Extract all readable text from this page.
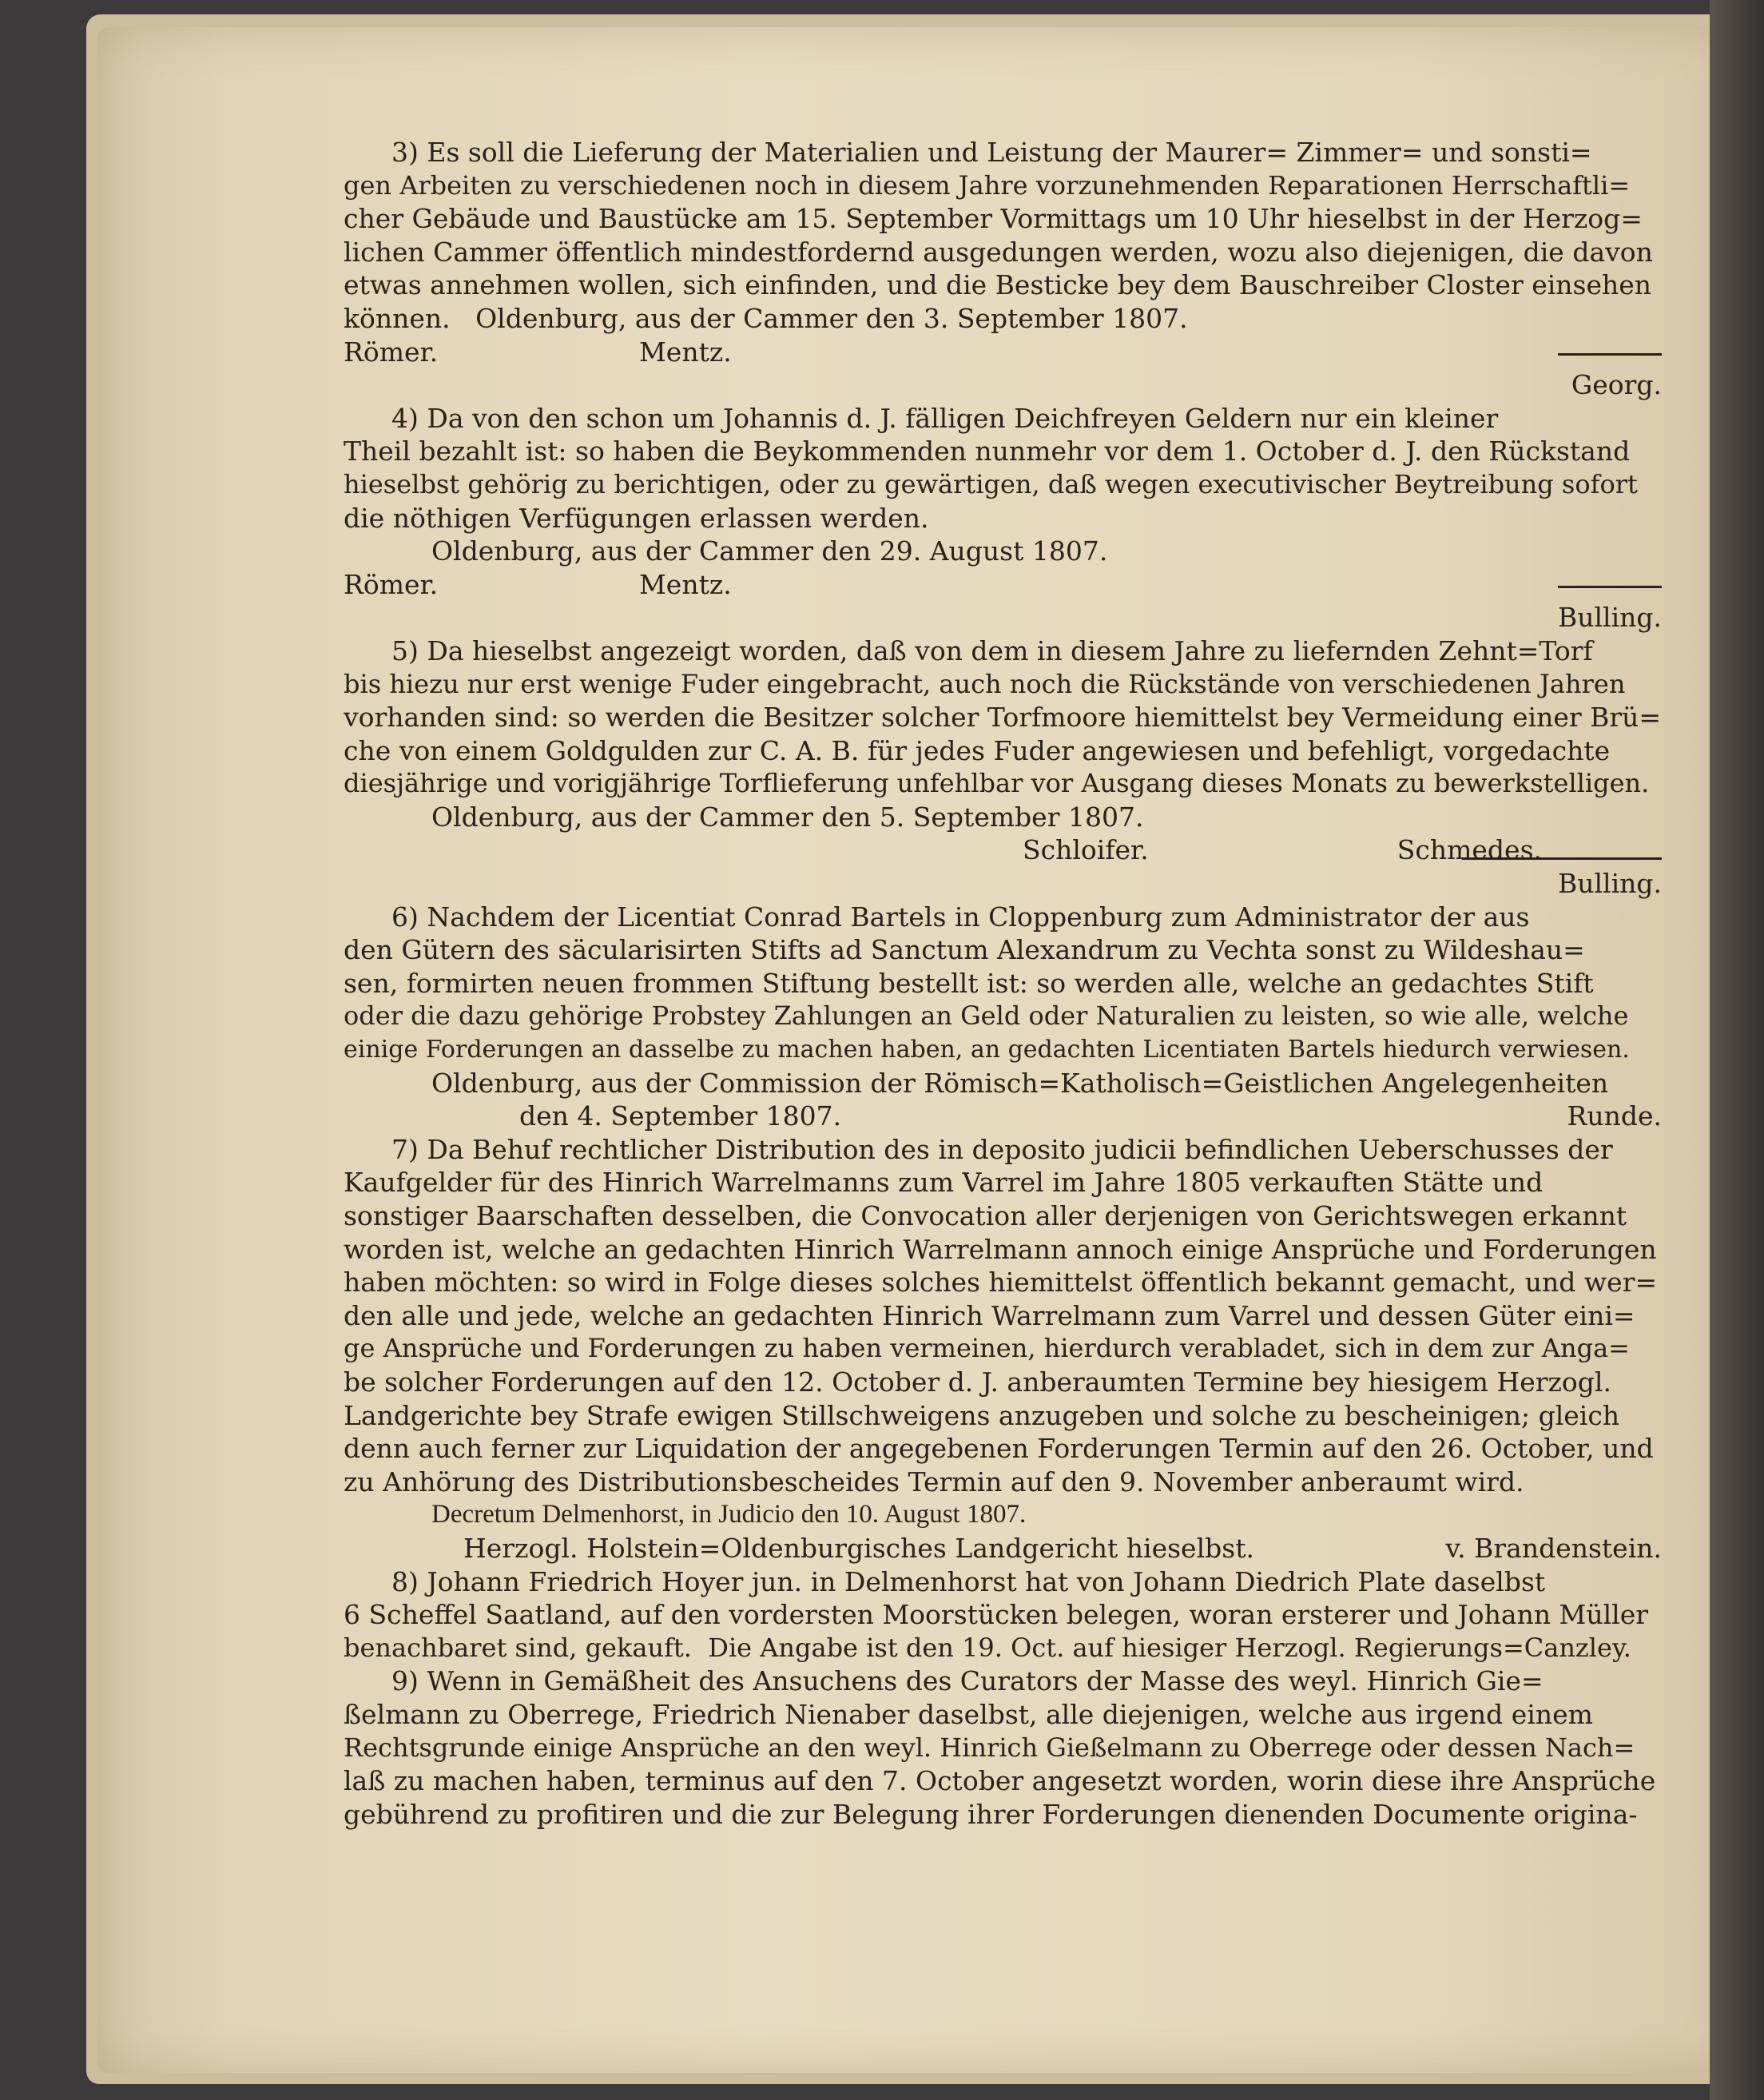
3) Es soll die Lieferung der Materialien und Leistung der Maurer= Zimmer= und sonsti=
gen Arbeiten zu verschiedenen noch in diesem Jahre vorzunehmenden Reparationen Herrschaftli=
cher Gebäude und Baustücke am 15. September Vormittags um 10 Uhr hieselbst in der Herzog=
lichen Cammer öffentlich mindestfordernd ausgedungen werden, wozu also diejenigen, die davon
etwas annehmen wollen, sich einfinden, und die Besticke bey dem Bauschreiber Closter einsehen
können.   Oldenburg, aus der Cammer den 3. September 1807.
Römer.	Mentz.
Georg.
4) Da von den schon um Johannis d. J. fälligen Deichfreyen Geldern nur ein kleiner
Theil bezahlt ist: so haben die Beykommenden nunmehr vor dem 1. October d. J. den Rückstand
hieselbst gehörig zu berichtigen, oder zu gewärtigen, daß wegen executivischer Beytreibung sofort
die nöthigen Verfügungen erlassen werden.
Oldenburg, aus der Cammer den 29. August 1807.
Römer.	Mentz.
Bulling.
5) Da hieselbst angezeigt worden, daß von dem in diesem Jahre zu liefernden Zehnt=Torf
bis hiezu nur erst wenige Fuder eingebracht, auch noch die Rückstände von verschiedenen Jahren
vorhanden sind: so werden die Besitzer solcher Torfmoore hiemittelst bey Vermeidung einer Brü=
che von einem Goldgulden zur C. A. B. für jedes Fuder angewiesen und befehligt, vorgedachte
diesjährige und vorigjährige Torflieferung unfehlbar vor Ausgang dieses Monats zu bewerkstelligen.
Oldenburg, aus der Cammer den 5. September 1807.
Schloifer.	Schmedes.
Bulling.
6) Nachdem der Licentiat Conrad Bartels in Cloppenburg zum Administrator der aus
den Gütern des säcularisirten Stifts ad Sanctum Alexandrum zu Vechta sonst zu Wildeshau=
sen, formirten neuen frommen Stiftung bestellt ist: so werden alle, welche an gedachtes Stift
oder die dazu gehörige Probstey Zahlungen an Geld oder Naturalien zu leisten, so wie alle, welche
einige Forderungen an dasselbe zu machen haben, an gedachten Licentiaten Bartels hiedurch verwiesen.
Oldenburg, aus der Commission der Römisch=Katholisch=Geistlichen Angelegenheiten
den 4. September 1807.	Runde.
7) Da Behuf rechtlicher Distribution des in deposito judicii befindlichen Ueberschusses der
Kaufgelder für des Hinrich Warrelmanns zum Varrel im Jahre 1805 verkauften Stätte und
sonstiger Baarschaften desselben, die Convocation aller derjenigen von Gerichtswegen erkannt
worden ist, welche an gedachten Hinrich Warrelmann annoch einige Ansprüche und Forderungen
haben möchten: so wird in Folge dieses solches hiemittelst öffentlich bekannt gemacht, und wer=
den alle und jede, welche an gedachten Hinrich Warrelmann zum Varrel und dessen Güter eini=
ge Ansprüche und Forderungen zu haben vermeinen, hierdurch verabladet, sich in dem zur Anga=
be solcher Forderungen auf den 12. October d. J. anberaumten Termine bey hiesigem Herzogl.
Landgerichte bey Strafe ewigen Stillschweigens anzugeben und solche zu bescheinigen; gleich
denn auch ferner zur Liquidation der angegebenen Forderungen Termin auf den 26. October, und
zu Anhörung des Distributionsbescheides Termin auf den 9. November anberaumt wird.
Decretum Delmenhorst, in Judicio den 10. August 1807.
Herzogl. Holstein=Oldenburgisches Landgericht hieselbst.	v. Brandenstein.
8) Johann Friedrich Hoyer jun. in Delmenhorst hat von Johann Diedrich Plate daselbst
6 Scheffel Saatland, auf den vordersten Moorstücken belegen, woran ersterer und Johann Müller
benachbaret sind, gekauft.  Die Angabe ist den 19. Oct. auf hiesiger Herzogl. Regierungs=Canzley.
9) Wenn in Gemäßheit des Ansuchens des Curators der Masse des weyl. Hinrich Gie=
ßelmann zu Oberrege, Friedrich Nienaber daselbst, alle diejenigen, welche aus irgend einem
Rechtsgrunde einige Ansprüche an den weyl. Hinrich Gießelmann zu Oberrege oder dessen Nach=
laß zu machen haben, terminus auf den 7. October angesetzt worden, worin diese ihre Ansprüche
gebührend zu profitiren und die zur Belegung ihrer Forderungen dienenden Documente origina-
